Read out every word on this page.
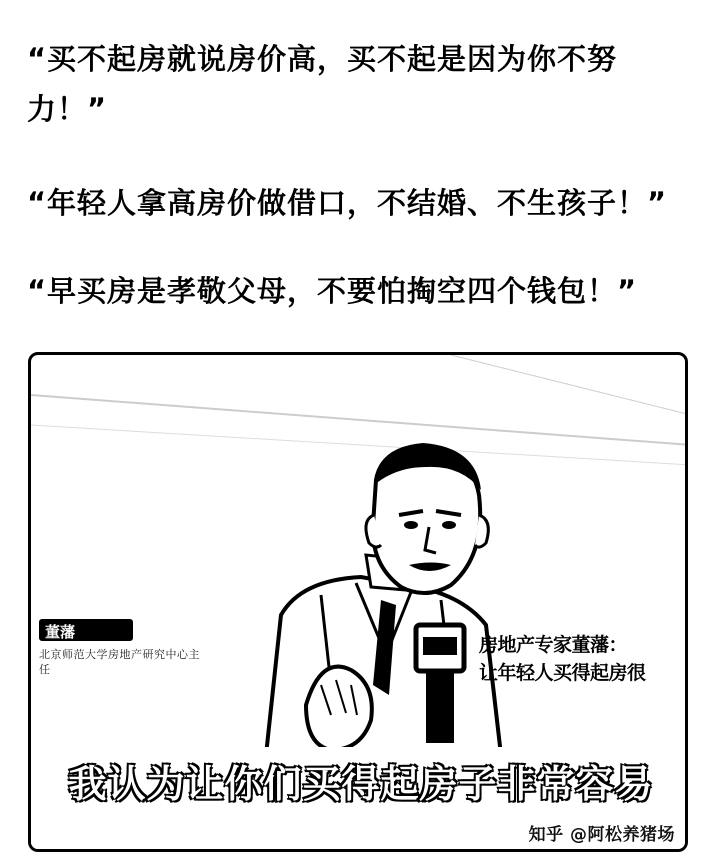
“买不起房就说房价高，买不起是因为你不努力！”

“年轻人拿高房价做借口，不结婚、不生孩子！”

“早买房是孝敬父母，不要怕掏空四个钱包！”

董藩
北京师范大学房地产研究中心主任
房地产专家董藩：
让年轻人买得起房很
我认为让你们买得起房子非常容易
知乎 @阿松养猪场
